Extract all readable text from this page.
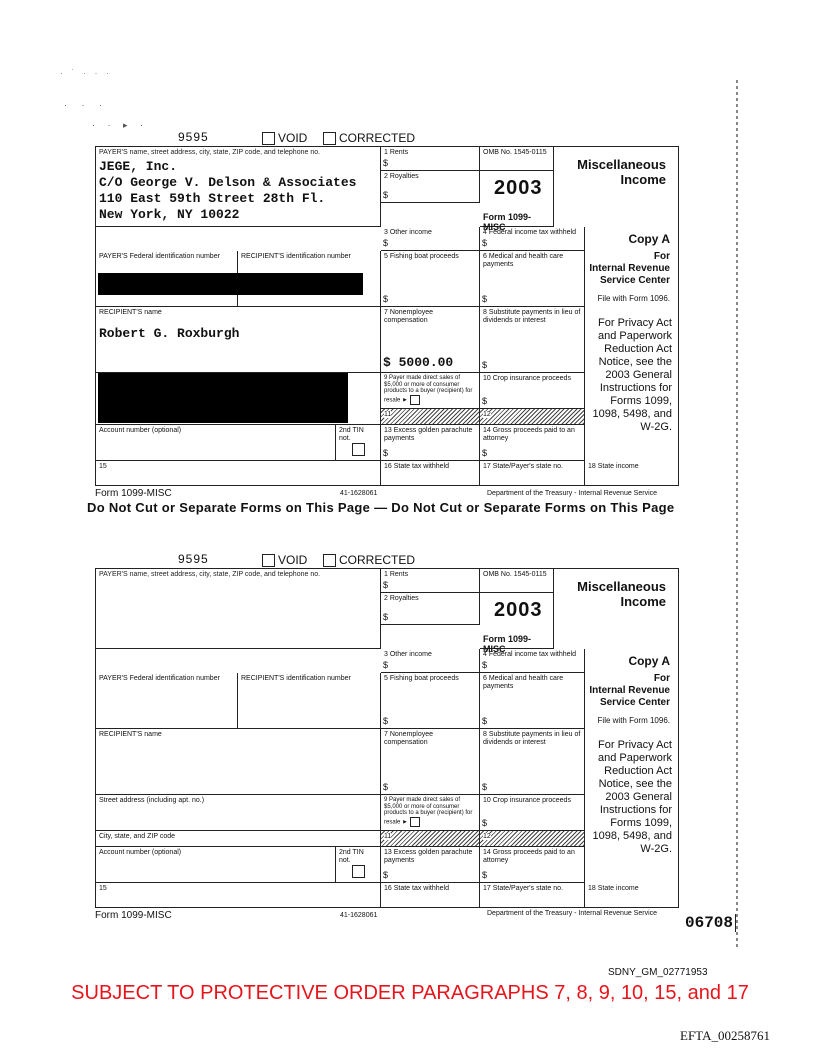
· ˙ · · ·
· · ·
· · ▸ ·
9595	VOID	CORRECTED
PAYER'S name, street address, city, state, ZIP code, and telephone no.
JEGE, Inc.
C/O George V. Delson & Associates
110 East 59th Street 28th Fl.
New York, NY 10022
1 Rents
$
OMB No. 1545-0115
2 Royalties
$	2003
Form 1099-MISC
Miscellaneous Income
3 Other income
$
4 Federal income tax withheld
$	Copy A
For
Internal Revenue Service Center
File with Form 1096.
PAYER'S Federal identification number	RECIPIENT'S identification number	5 Fishing boat proceeds
$
6 Medical and health care payments
$
RECIPIENT'S name
Robert G. Roxburgh
7 Nonemployee compensation
$ 5000.00
8 Substitute payments in lieu of dividends or interest
$
For Privacy Act and Paperwork Reduction Act Notice, see the 2003 General Instructions for Forms 1099, 1098, 5498, and W-2G.
9 Payer made direct sales of $5,000 or more of consumer products to a buyer (recipient) for resale ►
10 Crop insurance proceeds
$
11	12
Account number (optional)	2nd TIN not.
13 Excess golden parachute payments
$
14 Gross proceeds paid to an attorney
$
15	16 State tax withheld	17 State/Payer's state no.	18 State income
Form 1099-MISC	41-1628061	Department of the Treasury - Internal Revenue Service
Do Not Cut or Separate Forms on This Page — Do Not Cut or Separate Forms on This Page
9595	VOID	CORRECTED
PAYER'S name, street address, city, state, ZIP code, and telephone no.	1 Rents
$
OMB No. 1545-0115
2 Royalties
$	2003
Form 1099-MISC
Miscellaneous Income
3 Other income
$
4 Federal income tax withheld
$	Copy A
For
Internal Revenue Service Center
File with Form 1096.
PAYER'S Federal identification number	RECIPIENT'S identification number	5 Fishing boat proceeds
$
6 Medical and health care payments
$
RECIPIENT'S name	7 Nonemployee compensation
$
8 Substitute payments in lieu of dividends or interest
$
For Privacy Act and Paperwork Reduction Act Notice, see the 2003 General Instructions for Forms 1099, 1098, 5498, and W-2G.
Street address (including apt. no.)
City, state, and ZIP code
9 Payer made direct sales of $5,000 or more of consumer products to a buyer (recipient) for resale ►
10 Crop insurance proceeds
$
11	12
Account number (optional)	2nd TIN not.
13 Excess golden parachute payments
$
14 Gross proceeds paid to an attorney
$
15	16 State tax withheld	17 State/Payer's state no.	18 State income
Form 1099-MISC	41-1628061	Department of the Treasury - Internal Revenue Service
06708
SDNY_GM_02771953
SUBJECT TO PROTECTIVE ORDER PARAGRAPHS 7, 8, 9, 10, 15, and 17
EFTA_00258761
